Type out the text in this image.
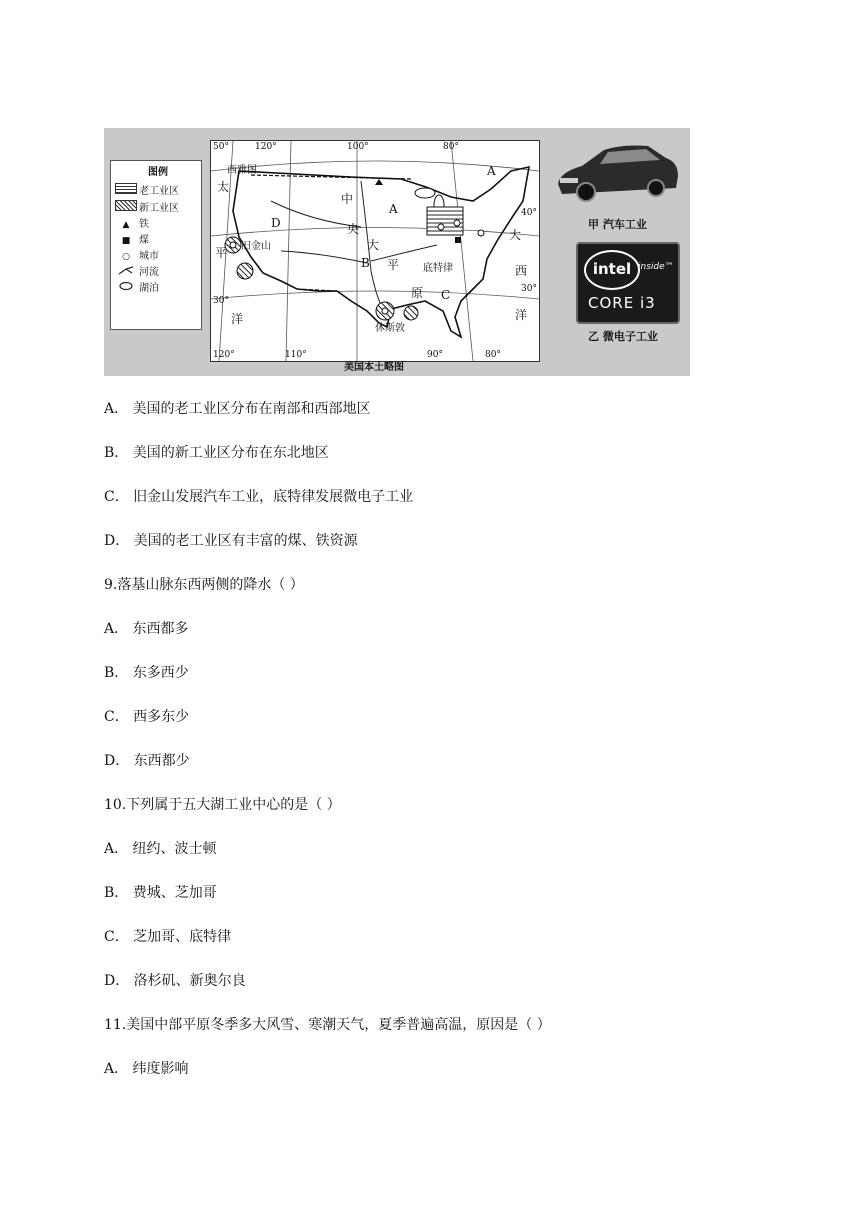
图例
老工业区
新工业区
▲ 铁
■ 煤
○ 城市
河流
湖泊
50°	120°	100°	80°
40°
30°
30°
120°	110°	90°	80°
太
平
洋
中
央
大
平
原
大
西
洋
A
A
B
C
D
西雅图
旧金山
底特律
休斯敦
美国本土略图
甲 汽车工业
intel inside™
CORE i3
乙 微电子工业
A． 美国的老工业区分布在南部和西部地区
B． 美国的新工业区分布在东北地区
C． 旧金山发展汽车工业，底特律发展微电子工业
D． 美国的老工业区有丰富的煤、铁资源
9.落基山脉东西两侧的降水（ ）
A． 东西都多
B． 东多西少
C． 西多东少
D． 东西都少
10.下列属于五大湖工业中心的是（ ）
A． 纽约、波士顿
B． 费城、芝加哥
C． 芝加哥、底特律
D． 洛杉矶、新奥尔良
11.美国中部平原冬季多大风雪、寒潮天气，夏季普遍高温，原因是（ ）
A． 纬度影响
